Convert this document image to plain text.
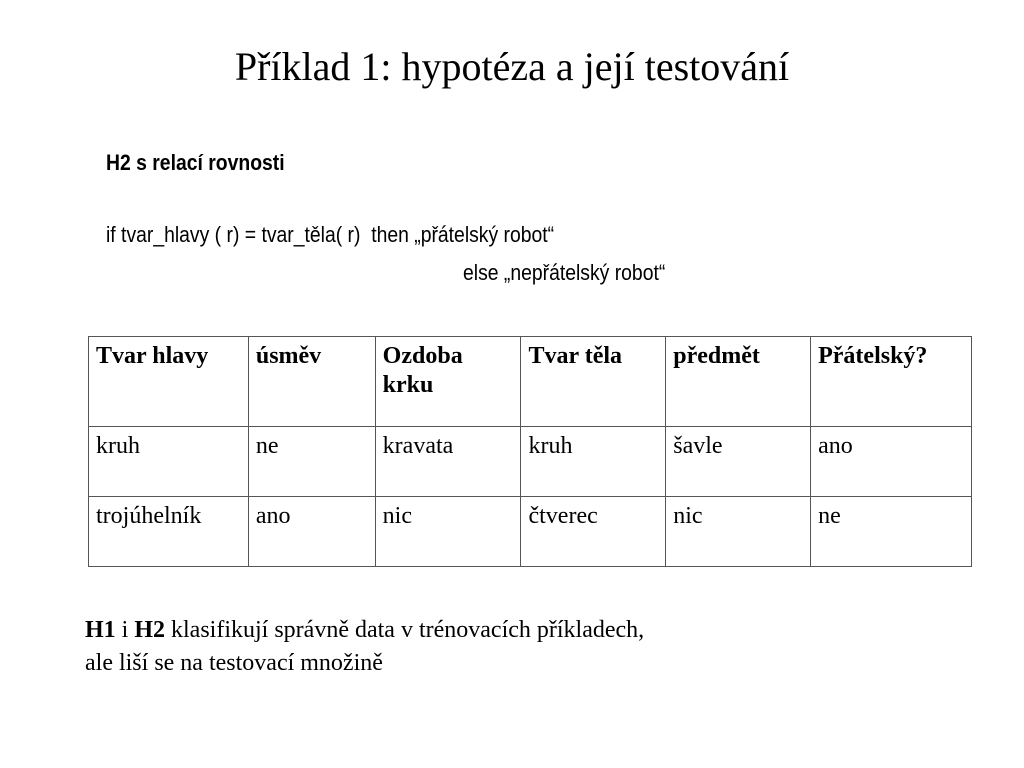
Příklad 1: hypotéza a její testování
H2 s relací rovnosti
if tvar_hlavy ( r) = tvar_těla( r)  then „přátelský robot“
else „nepřátelský robot“
Tvar hlavy	úsměv	Ozdoba krku	Tvar těla	předmět	Přátelský?
kruh	ne	kravata	kruh	šavle	ano
trojúhelník	ano	nic	čtverec	nic	ne
H1 i H2 klasifikují správně data v trénovacích příkladech,
ale liší se na testovací množině
